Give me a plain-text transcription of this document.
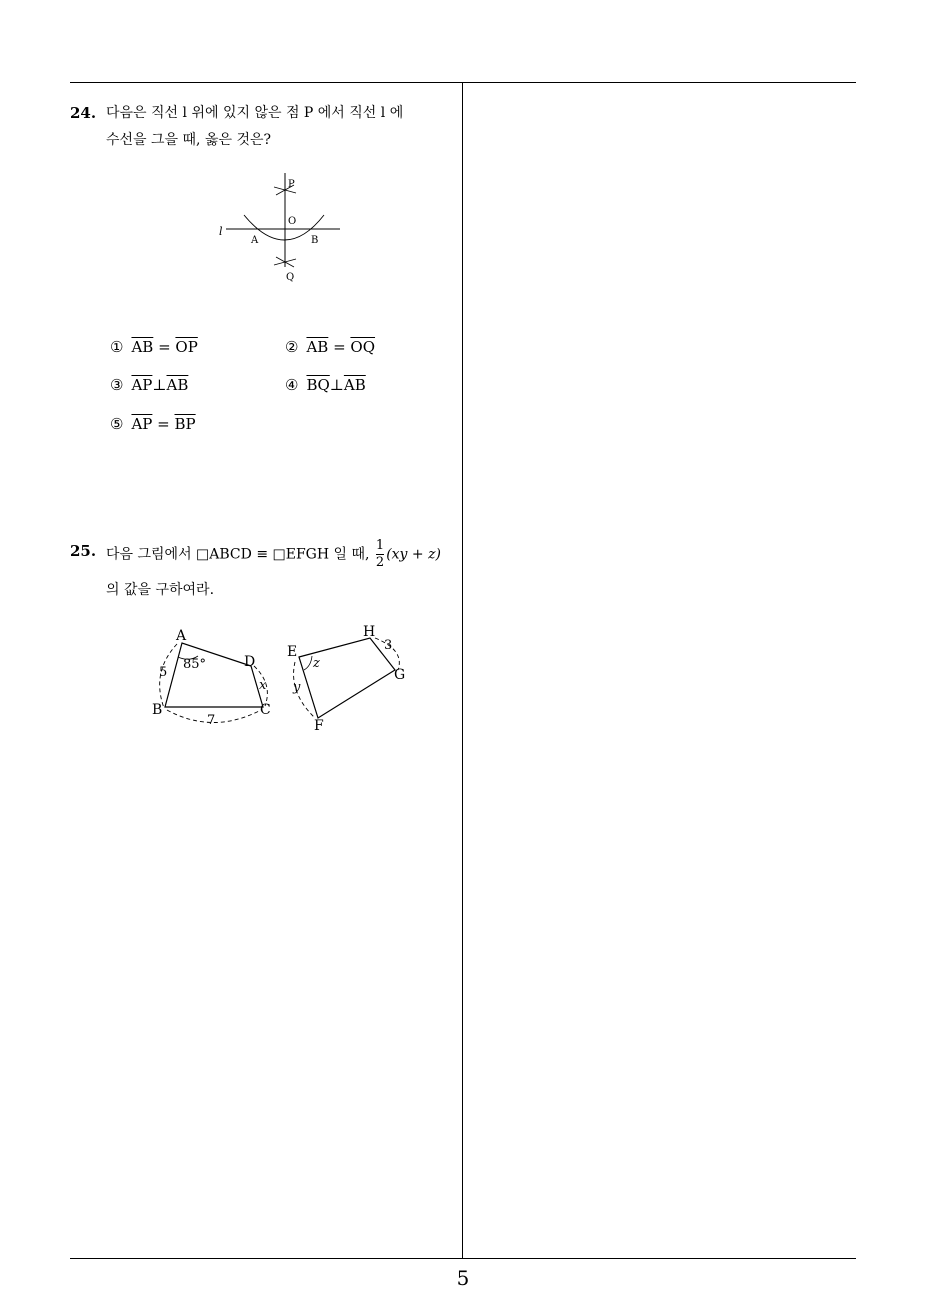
24. 다음은 직선 l 위에 있지 않은 점 P 에서 직선 l 에
수선을 그을 때, 옳은 것은?
P
O
l
A	B
Q
① $\overline{AB} = \overline{OP}$	② $\overline{AB} = \overline{OQ}$
③ $\overline{AP}\perp\overline{AB}$	④ $\overline{BQ}\perp\overline{AB}$
⑤ $\overline{AP} = \overline{BP}$
25. 다음 그림에서 □ABCD ≡ □EFGH 일 때, $\frac{1}{2} (xy + z)$
의 값을 구하여라.
A
B	C
D
5
7
x
85°
E
F
G
H
3
y
z
5
